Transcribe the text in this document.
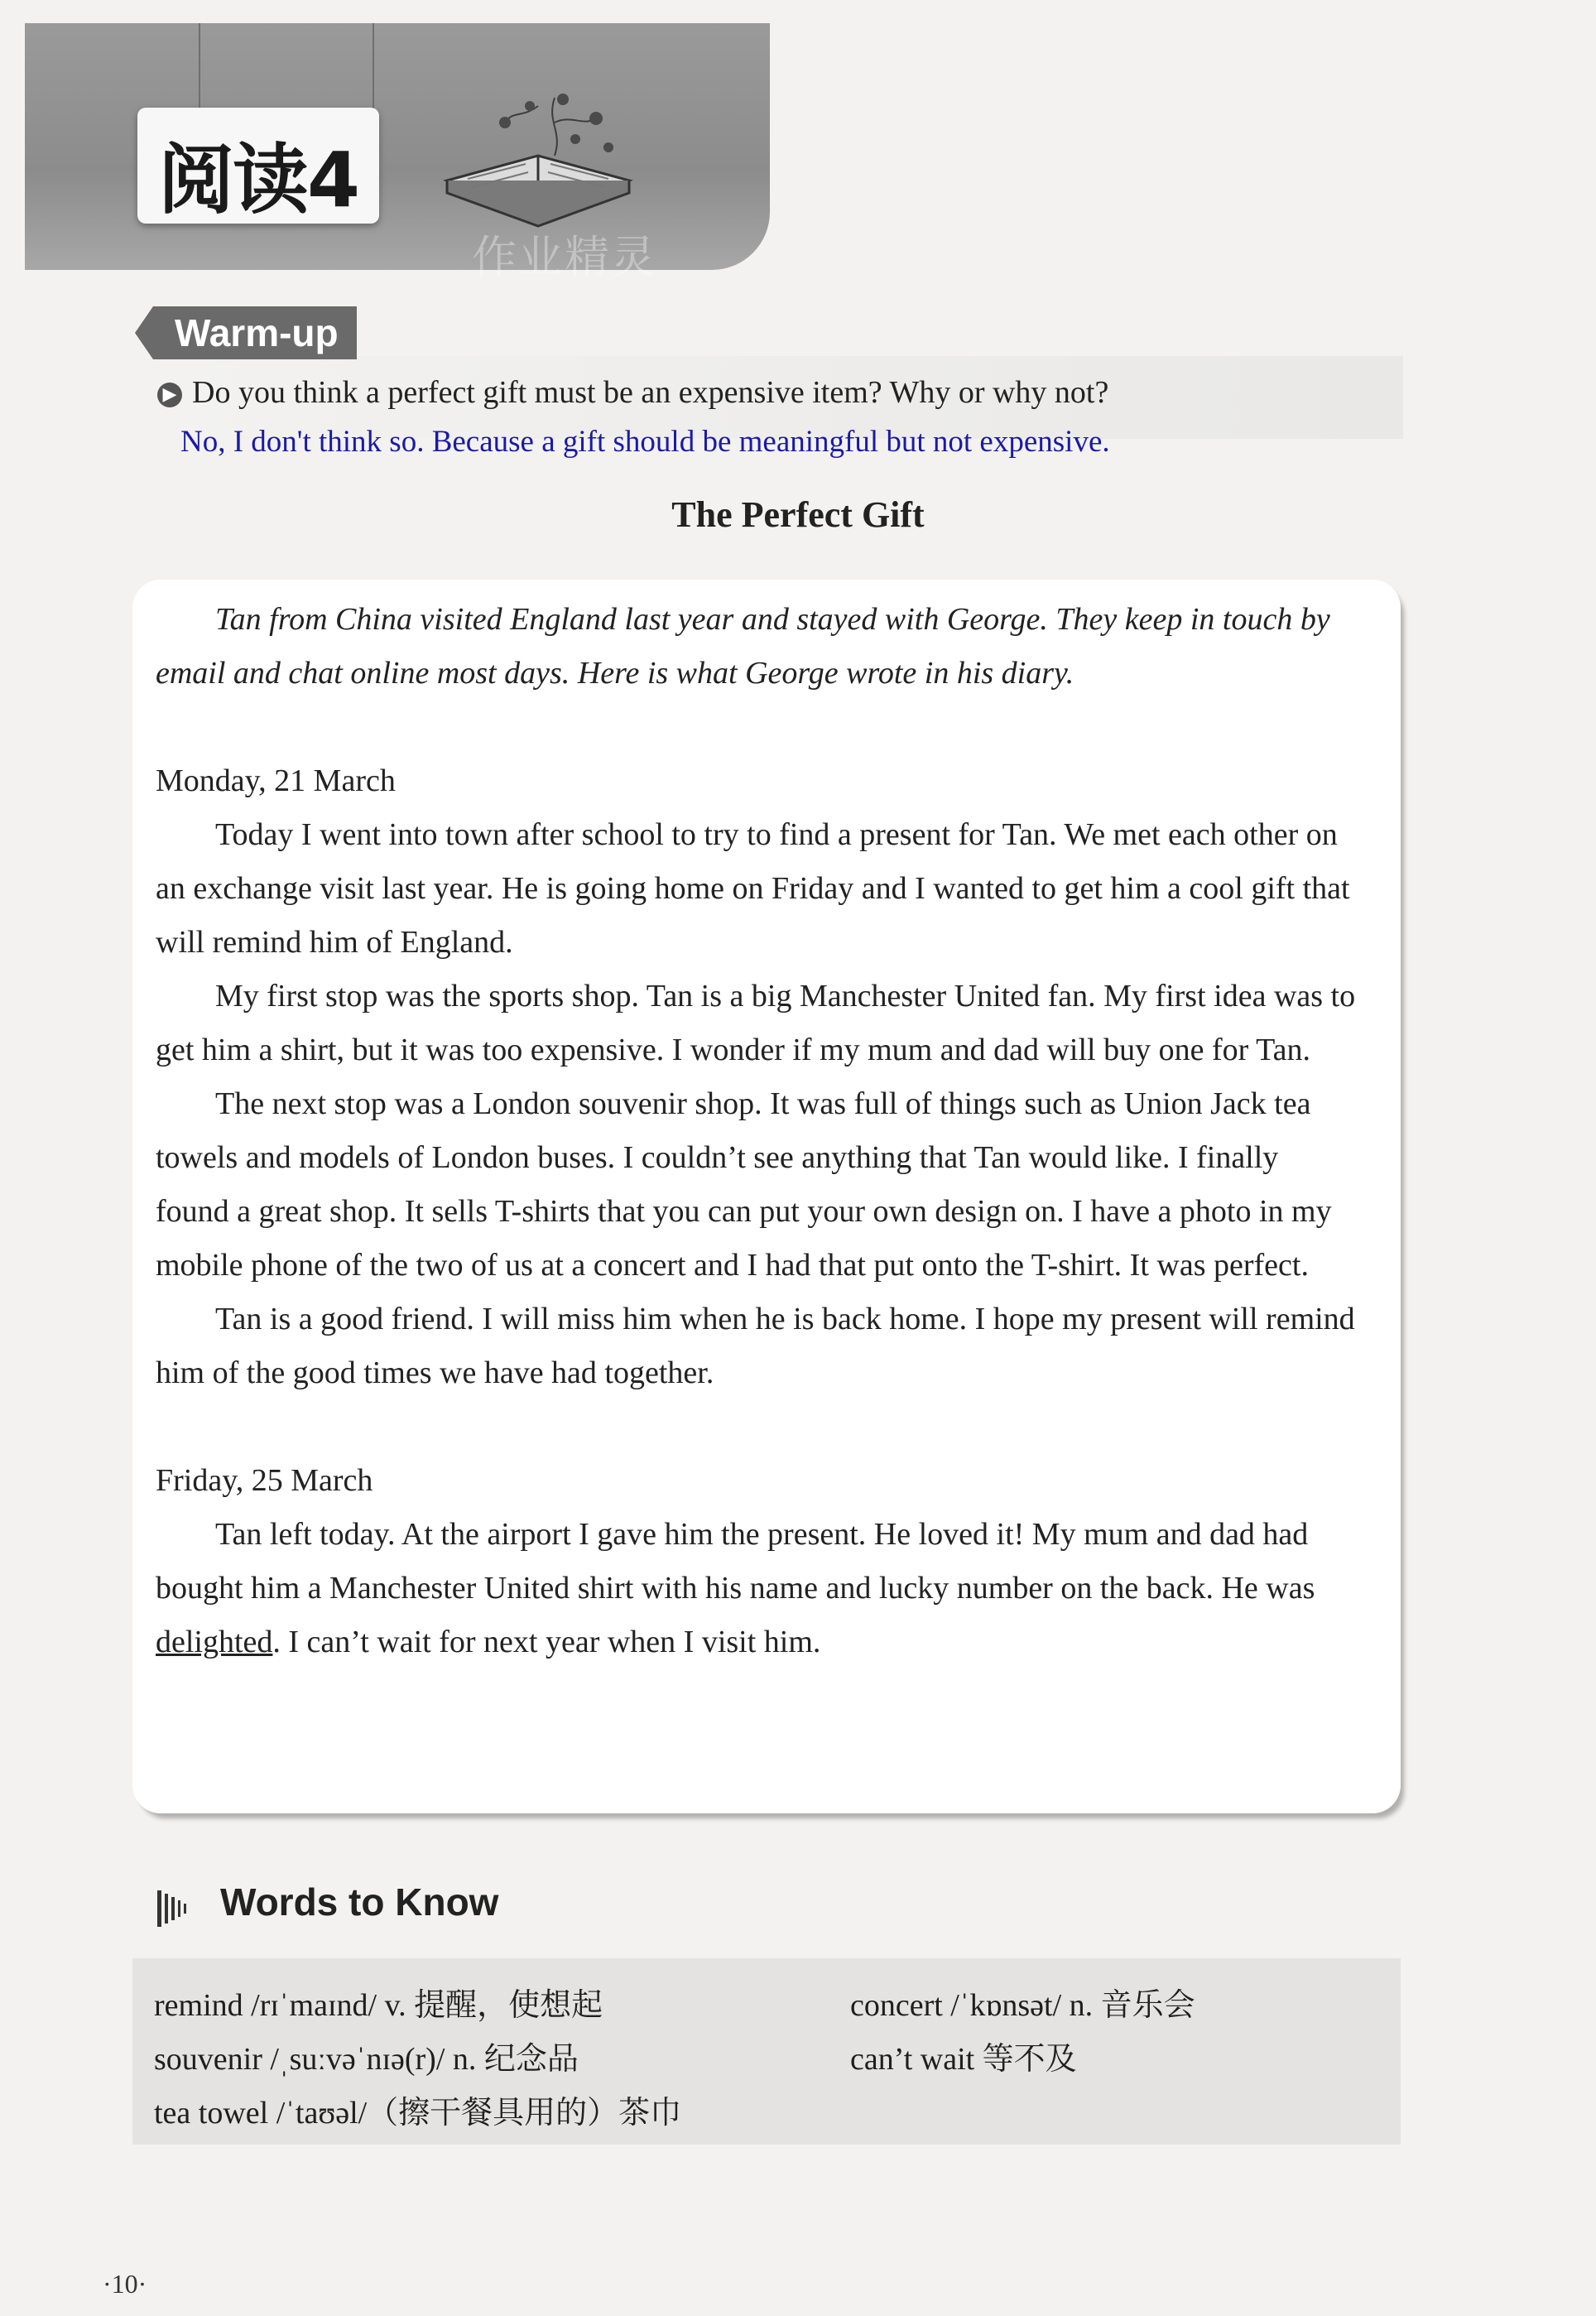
作业精灵
阅读4
Warm-up
▶ Do you think a perfect gift must be an expensive item? Why or why not?
No, I don't think so. Because a gift should be meaningful but not expensive.
The Perfect Gift

Tan from China visited England last year and stayed with George. They keep in touch by email and chat online most days. Here is what George wrote in his diary.

Monday, 21 March

Today I went into town after school to try to find a present for Tan. We met each other on an exchange visit last year. He is going home on Friday and I wanted to get him a cool gift that will remind him of England.

My first stop was the sports shop. Tan is a big Manchester United fan. My first idea was to get him a shirt, but it was too expensive. I wonder if my mum and dad will buy one for Tan.

The next stop was a London souvenir shop. It was full of things such as Union Jack tea towels and models of London buses. I couldn’t see anything that Tan would like. I finally found a great shop. It sells T-shirts that you can put your own design on. I have a photo in my mobile phone of the two of us at a concert and I had that put onto the T-shirt. It was perfect.

Tan is a good friend. I will miss him when he is back home. I hope my present will remind him of the good times we have had together.

Friday, 25 March

Tan left today. At the airport I gave him the present. He loved it! My mum and dad had bought him a Manchester United shirt with his name and lucky number on the back. He was delighted. I can’t wait for next year when I visit him.

Words to Know
remind /rɪˈmaɪnd/ v. 提醒，使想起
souvenir /ˌsuːvəˈnɪə(r)/ n. 纪念品
tea towel /ˈtaʊəl/（擦干餐具用的）茶巾
concert /ˈkɒnsət/ n. 音乐会
can’t wait 等不及
·10·
